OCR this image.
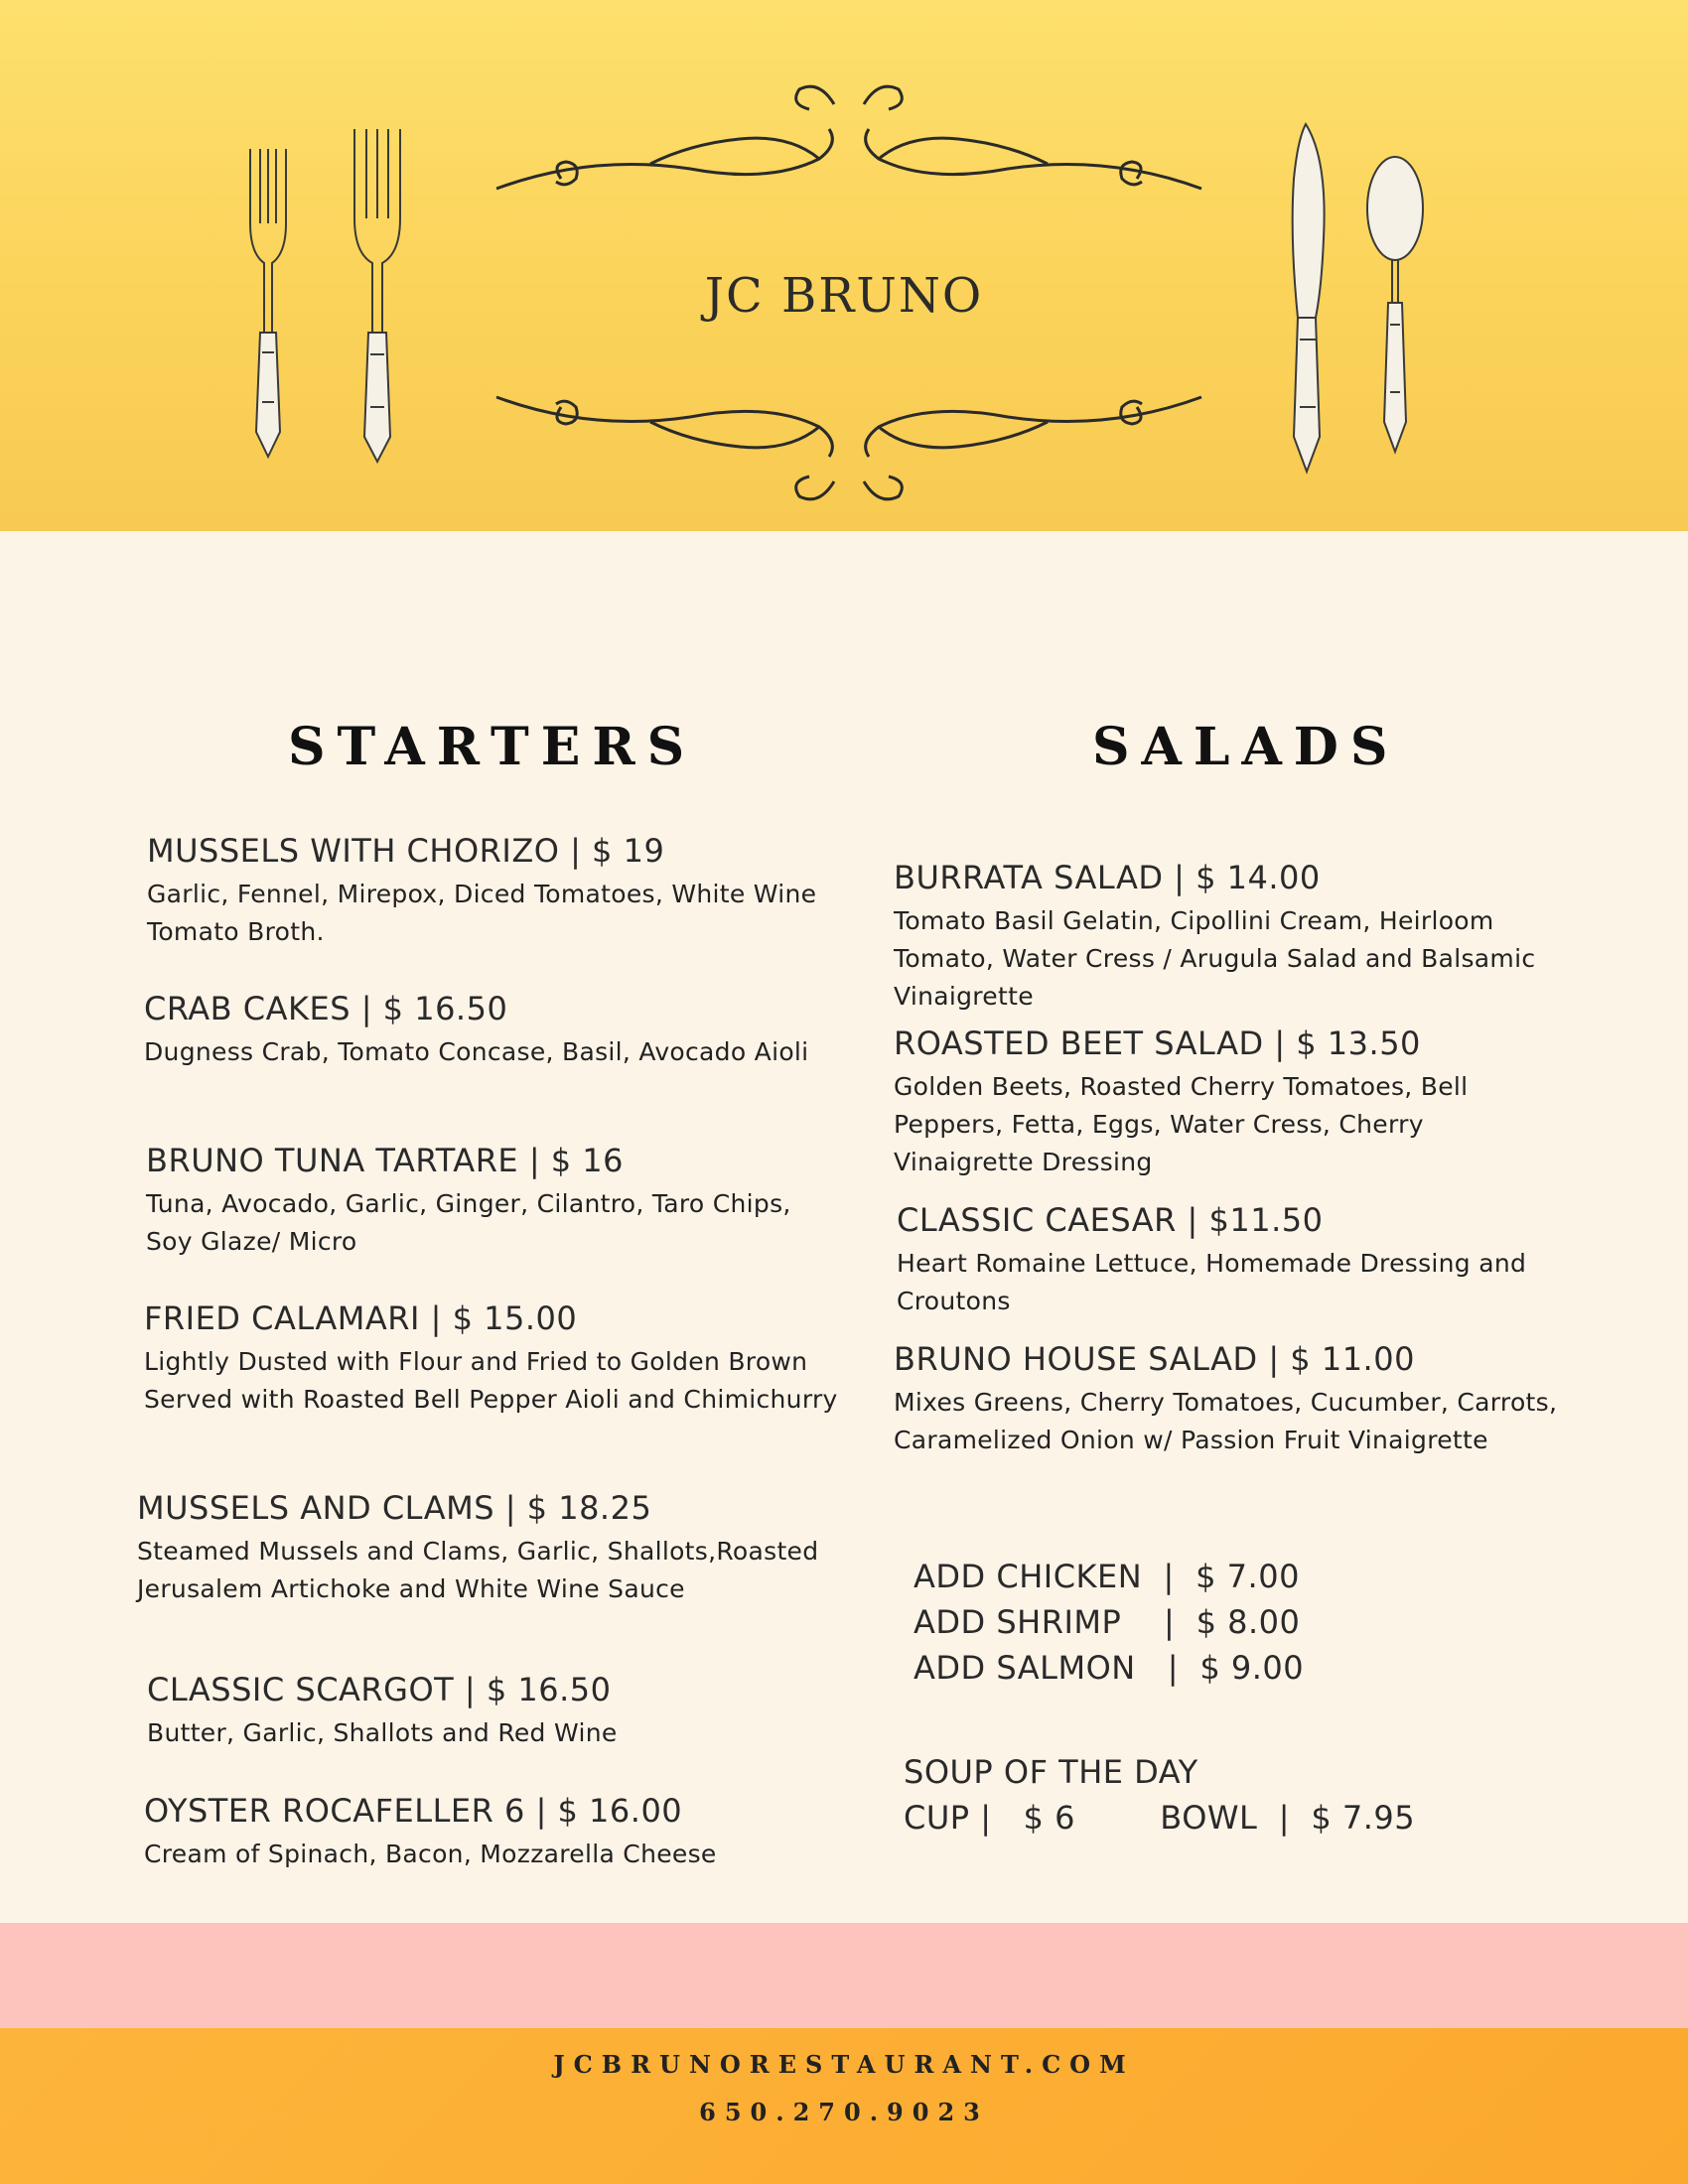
JC BRUNO
STARTERS	SALADS
MUSSELS WITH CHORIZO | $ 19
Garlic, Fennel, Mirepox, Diced Tomatoes, White Wine Tomato Broth.
CRAB CAKES | $ 16.50
Dugness Crab, Tomato Concase, Basil, Avocado Aioli
BRUNO TUNA TARTARE | $ 16
Tuna, Avocado, Garlic, Ginger, Cilantro, Taro Chips, Soy Glaze/ Micro
FRIED CALAMARI | $ 15.00
Lightly Dusted with Flour and Fried to Golden Brown Served with Roasted Bell Pepper Aioli and Chimichurry
MUSSELS AND CLAMS | $ 18.25
Steamed Mussels and Clams, Garlic, Shallots,Roasted Jerusalem Artichoke and White Wine Sauce
CLASSIC SCARGOT | $ 16.50
Butter, Garlic, Shallots and Red Wine
OYSTER ROCAFELLER 6 | $ 16.00
Cream of Spinach, Bacon, Mozzarella Cheese
BURRATA SALAD | $ 14.00
Tomato Basil Gelatin, Cipollini Cream, Heirloom Tomato, Water Cress / Arugula Salad and Balsamic Vinaigrette
ROASTED BEET SALAD | $ 13.50
Golden Beets, Roasted Cherry Tomatoes, Bell Peppers, Fetta, Eggs, Water Cress, Cherry Vinaigrette Dressing
CLASSIC CAESAR | $11.50
Heart Romaine Lettuce, Homemade Dressing and Croutons
BRUNO HOUSE SALAD | $ 11.00
Mixes Greens, Cherry Tomatoes, Cucumber, Carrots, Caramelized Onion w/ Passion Fruit Vinaigrette
ADD CHICKEN  |  $ 7.00
ADD SHRIMP    |  $ 8.00
ADD SALMON   |  $ 9.00
SOUP OF THE DAY
CUP |   $ 6        BOWL  |  $ 7.95
JCBRUNORESTAURANT.COM
650.270.9023
